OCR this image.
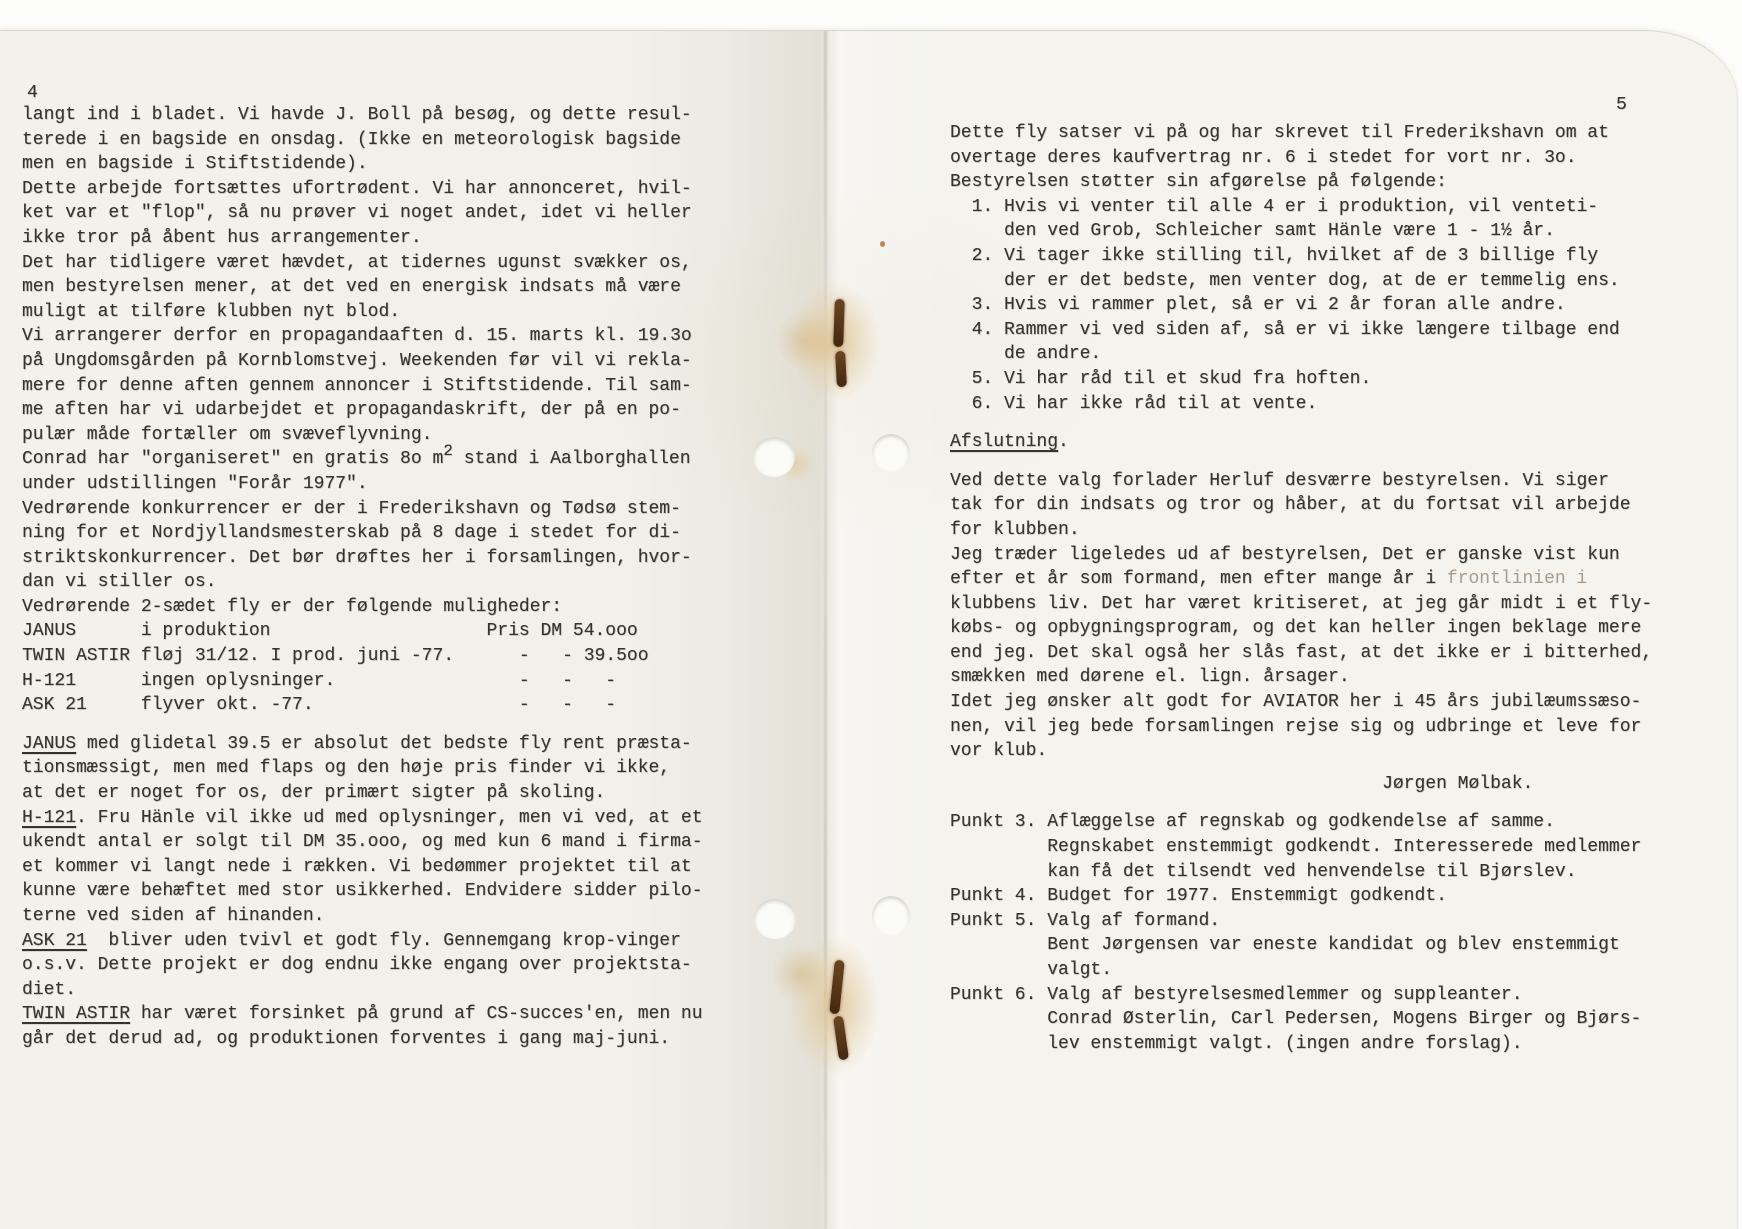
4
5
langt ind i bladet. Vi havde J. Boll på besøg, og dette resul-
terede i en bagside en onsdag. (Ikke en meteorologisk bagside
men en bagside i Stiftstidende).
Dette arbejde fortsættes ufortrødent. Vi har annonceret, hvil-
ket var et "flop", så nu prøver vi noget andet, idet vi heller
ikke tror på åbent hus arrangementer.
Det har tidligere været hævdet, at tidernes ugunst svækker os,
men bestyrelsen mener, at det ved en energisk indsats må være
muligt at tilføre klubben nyt blod.
Vi arrangerer derfor en propagandaaften d. 15. marts kl. 19.3o
på Ungdomsgården på Kornblomstvej. Weekenden før vil vi rekla-
mere for denne aften gennem annoncer i Stiftstidende. Til sam-
me aften har vi udarbejdet et propagandaskrift, der på en po-
pulær måde fortæller om svæveflyvning.
Conrad har "organiseret" en gratis 8o m2 stand i Aalborghallen
under udstillingen "Forår 1977".
Vedrørende konkurrencer er der i Frederikshavn og Tødsø stem-
ning for et Nordjyllandsmesterskab på 8 dage i stedet for di-
striktskonkurrencer. Det bør drøftes her i forsamlingen, hvor-
dan vi stiller os.
Vedrørende 2-sædet fly er der følgende muligheder:
JANUS      i produktion                    Pris DM 54.ooo
TWIN ASTIR fløj 31/12. I prod. juni -77.      -   - 39.5oo
H-121      ingen oplysninger.                 -   -   -
ASK 21     flyver okt. -77.                   -   -   -
JANUS med glidetal 39.5 er absolut det bedste fly rent præsta-
tionsmæssigt, men med flaps og den høje pris finder vi ikke,
at det er noget for os, der primært sigter på skoling.
H-121. Fru Hänle vil ikke ud med oplysninger, men vi ved, at et
ukendt antal er solgt til DM 35.ooo, og med kun 6 mand i firma-
et kommer vi langt nede i rækken. Vi bedømmer projektet til at
kunne være behæftet med stor usikkerhed. Endvidere sidder pilo-
terne ved siden af hinanden.
ASK 21  bliver uden tvivl et godt fly. Gennemgang krop-vinger
o.s.v. Dette projekt er dog endnu ikke engang over projektsta-
diet.
TWIN ASTIR har været forsinket på grund af CS-succes'en, men nu
går det derud ad, og produktionen forventes i gang maj-juni.
Dette fly satser vi på og har skrevet til Frederikshavn om at
overtage deres kaufvertrag nr. 6 i stedet for vort nr. 3o.
Bestyrelsen støtter sin afgørelse på følgende:
1. Hvis vi venter til alle 4 er i produktion, vil venteti-
den ved Grob, Schleicher samt Hänle være 1 - 1½ år.
2. Vi tager ikke stilling til, hvilket af de 3 billige fly
der er det bedste, men venter dog, at de er temmelig ens.
3. Hvis vi rammer plet, så er vi 2 år foran alle andre.
4. Rammer vi ved siden af, så er vi ikke længere tilbage end
de andre.
5. Vi har råd til et skud fra hoften.
6. Vi har ikke råd til at vente.
Afslutning.
Ved dette valg forlader Herluf desværre bestyrelsen. Vi siger
tak for din indsats og tror og håber, at du fortsat vil arbejde
for klubben.
Jeg træder ligeledes ud af bestyrelsen, Det er ganske vist kun
efter et år som formand, men efter mange år i frontlinien i
klubbens liv. Det har været kritiseret, at jeg går midt i et fly-
købs- og opbygningsprogram, og det kan heller ingen beklage mere
end jeg. Det skal også her slås fast, at det ikke er i bitterhed,
smækken med dørene el. lign. årsager.
Idet jeg ønsker alt godt for AVIATOR her i 45 års jubilæumssæso-
nen, vil jeg bede forsamlingen rejse sig og udbringe et leve for
vor klub.
Jørgen Mølbak.
Punkt 3. Aflæggelse af regnskab og godkendelse af samme.
Regnskabet enstemmigt godkendt. Interesserede medlemmer
kan få det tilsendt ved henvendelse til Bjørslev.
Punkt 4. Budget for 1977. Enstemmigt godkendt.
Punkt 5. Valg af formand.
Bent Jørgensen var eneste kandidat og blev enstemmigt
valgt.
Punkt 6. Valg af bestyrelsesmedlemmer og suppleanter.
Conrad Østerlin, Carl Pedersen, Mogens Birger og Bjørs-
lev enstemmigt valgt. (ingen andre forslag).
